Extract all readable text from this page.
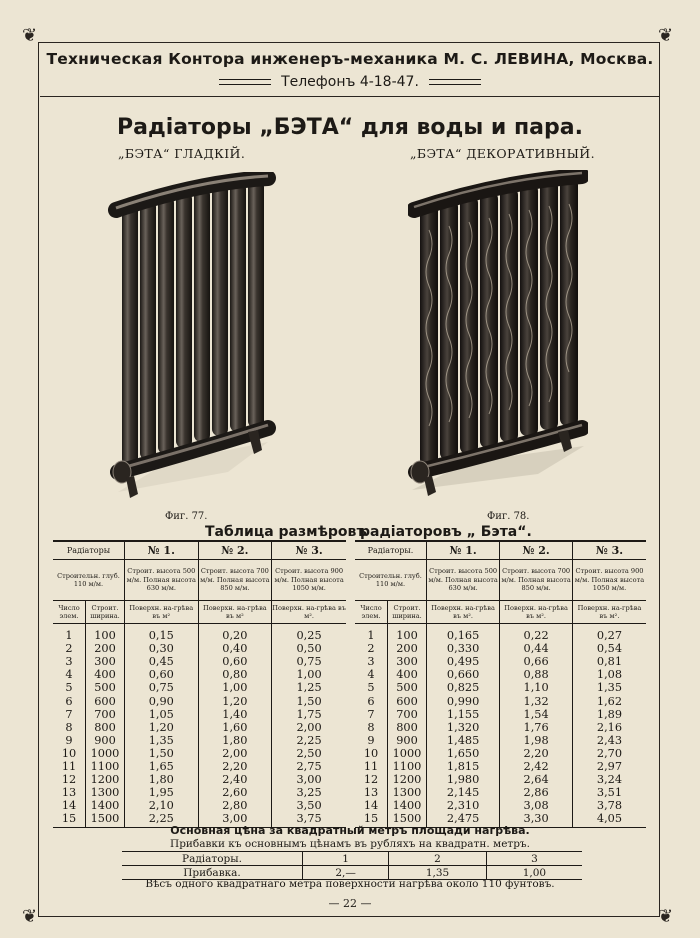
❦	❦
❦	❦
Техническая Контора инженеръ-механика М. С. ЛЕВИНА, Москва.
Телефонъ 4-18-47.
Радiаторы „БЭТА“ для воды и пара.
„БЭТА“ ГЛАДКIЙ.	„БЭТА“ ДЕКОРАТИВНЫЙ.
Фиг. 77.	Фиг. 78.
Таблица размѣровъ
радiаторовъ „ Бэта“.
Радiаторы		№ 1.	№ 2.	№ 3.
Строительн. глуб. 110 м/м.		Строит. высота 500 м/м. Полная высота 630 м/м.	Строит. высота 700 м/м. Полная высота 850 м/м.	Строит. высота 900 м/м. Полная высота 1050 м/м.
Число элем.	Строит. ширина.	Поверхн. на-грѣва въ м²	Поверхн. на-грѣва въ м²	Поверхн. на-грѣва въ м².
1	100	0,15	0,20	0,25
2	200	0,30	0,40	0,50
3	300	0,45	0,60	0,75
4	400	0,60	0,80	1,00
5	500	0,75	1,00	1,25
6	600	0,90	1,20	1,50
7	700	1,05	1,40	1,75
8	800	1,20	1,60	2,00
9	900	1,35	1,80	2,25
10	1000	1,50	2,00	2,50
11	1100	1,65	2,20	2,75
12	1200	1,80	2,40	3,00
13	1300	1,95	2,60	3,25
14	1400	2,10	2,80	3,50
15	1500	2,25	3,00	3,75
Радiаторы.		№ 1.	№ 2.	№ 3.
Строительн. глуб. 110 м/м.		Строит. высота 500 м/м. Полная высота 630 м/м.	Строит. высота 700 м/м. Полная высота 850 м/м.	Строит. высота 900 м/м. Полная высота 1050 м/м.
Число элем.	Строит. ширина.	Поверхн. на-грѣва въ м².	Поверхн. на-грѣва въ м².	Поверхн. на-грѣва въ м².
1	100	0,165	0,22	0,27
2	200	0,330	0,44	0,54
3	300	0,495	0,66	0,81
4	400	0,660	0,88	1,08
5	500	0,825	1,10	1,35
6	600	0,990	1,32	1,62
7	700	1,155	1,54	1,89
8	800	1,320	1,76	2,16
9	900	1,485	1,98	2,43
10	1000	1,650	2,20	2,70
11	1100	1,815	2,42	2,97
12	1200	1,980	2,64	3,24
13	1300	2,145	2,86	3,51
14	1400	2,310	3,08	3,78
15	1500	2,475	3,30	4,05
Основная цѣна за квадратный метръ площади нагрѣва.
Прибавки къ основнымъ цѣнамъ въ рубляхъ на квадратн. метръ.
Радiаторы.	1	2	3
Прибавка.	2,—	1,35	1,00
Вѣсъ одного квадратнаго метра поверхности нагрѣва около 110 фунтовъ.
— 22 —
